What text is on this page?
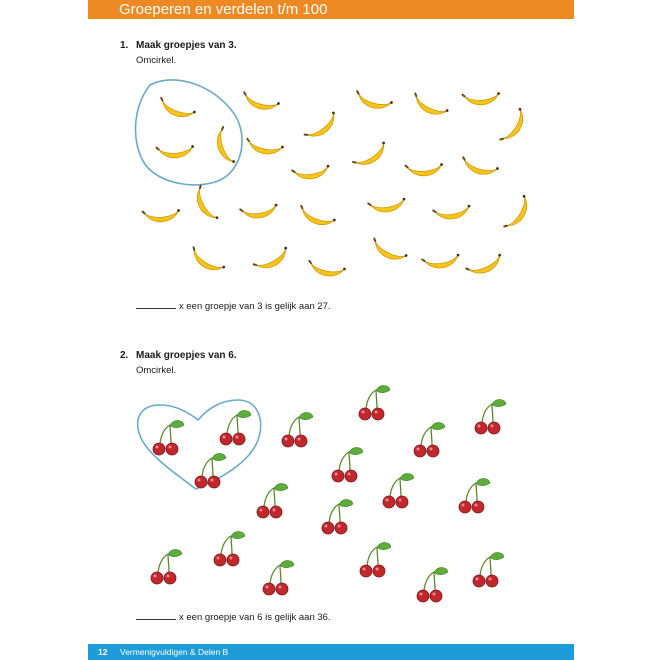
Groeperen en verdelen t/m 100
1. Maak groepjes van 3.
Omcirkel.
x een groepje van 3 is gelijk aan 27.
2. Maak groepjes van 6.
Omcirkel.
x een groepje van 6 is gelijk aan 36.
12 Vermenigvuldigen & Delen B
